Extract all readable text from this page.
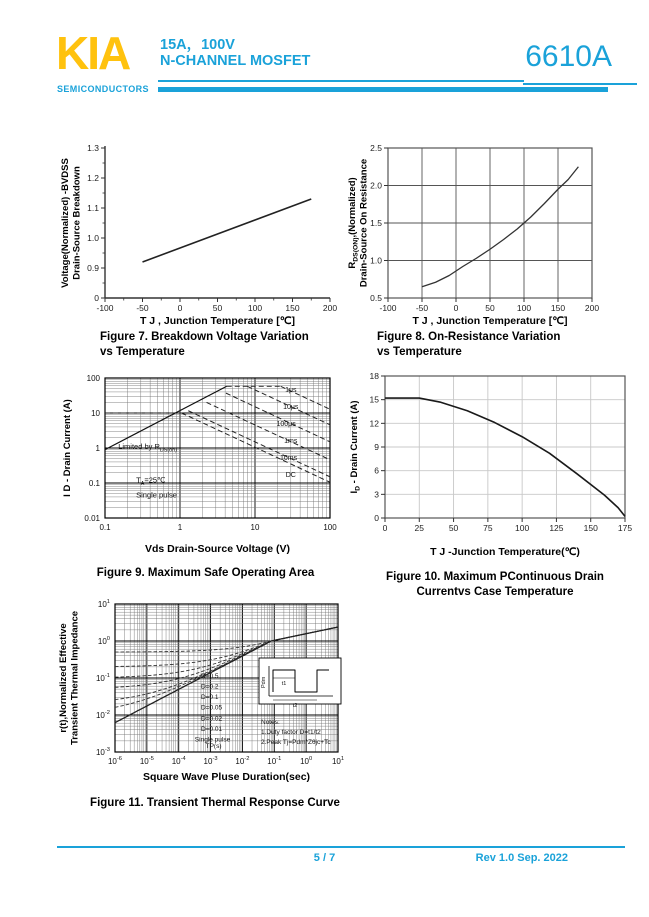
KIA
SEMICONDUCTORS
15A，100V
N-CHANNEL MOSFET	6610A
-100	-50	0	50	100	150	200
0
0.9
1.0
1.1
1.2
1.3
T J , Junction Temperature [℃]
Voltage(Normalized) -BVDSS Drain-Source Breakdown
-100 -50	0	50	100 150 200
0.5
1.0
1.5
2.0
2.5
T J , Junction Temperature [℃]
$R_{DS(ON)},(Normalized)$ Drain-Source On Resistance
0.1	1	10	100
100
10
1
0.1
0.01
1μs
10μs
100μs
1ms
10ms
DC
Limited by $R_{DS(on)}$
$T_A=25℃$
Single pulse
Vds Drain-Source Voltage (V)
I D - Drain Current (A)
0	25	50	75	100 125 150 175
0
3
6
9
12
15
18
T J -Junction Temperature(℃)
$I_D$ - Drain Current (A)
$10^{-6}$ $10^{-5}$ $10^{-4}$ $10^{-3}$ $10^{-2}$ $10^{-1}$ $10^0$ $10^1$
$10^1$
$10^0$
$10^{-1}$
$10^{-2}$
$10^{-3}$
D=0.5
D=0.2
D=0.1
D=0.05
D=0.02
D=0.01
Single pulse
TP(s)
Pdm	t1
t2
Notes:
1.Duty factor D=t1/t2
2.Peak Tj=Pdm*Zθjc+Tc
Square Wave Pluse Duration(sec)
r(t),Normalized Effective Transient Thermal Impedance
Figure 7. Breakdown Voltage Variation
vs Temperature
Figure 8. On-Resistance Variation
vs Temperature
Figure 9. Maximum Safe Operating Area	Figure 10. Maximum PContinuous Drain
Currentvs Case Temperature
Figure 11. Transient Thermal Response Curve
5 / 7	Rev 1.0 Sep. 2022
